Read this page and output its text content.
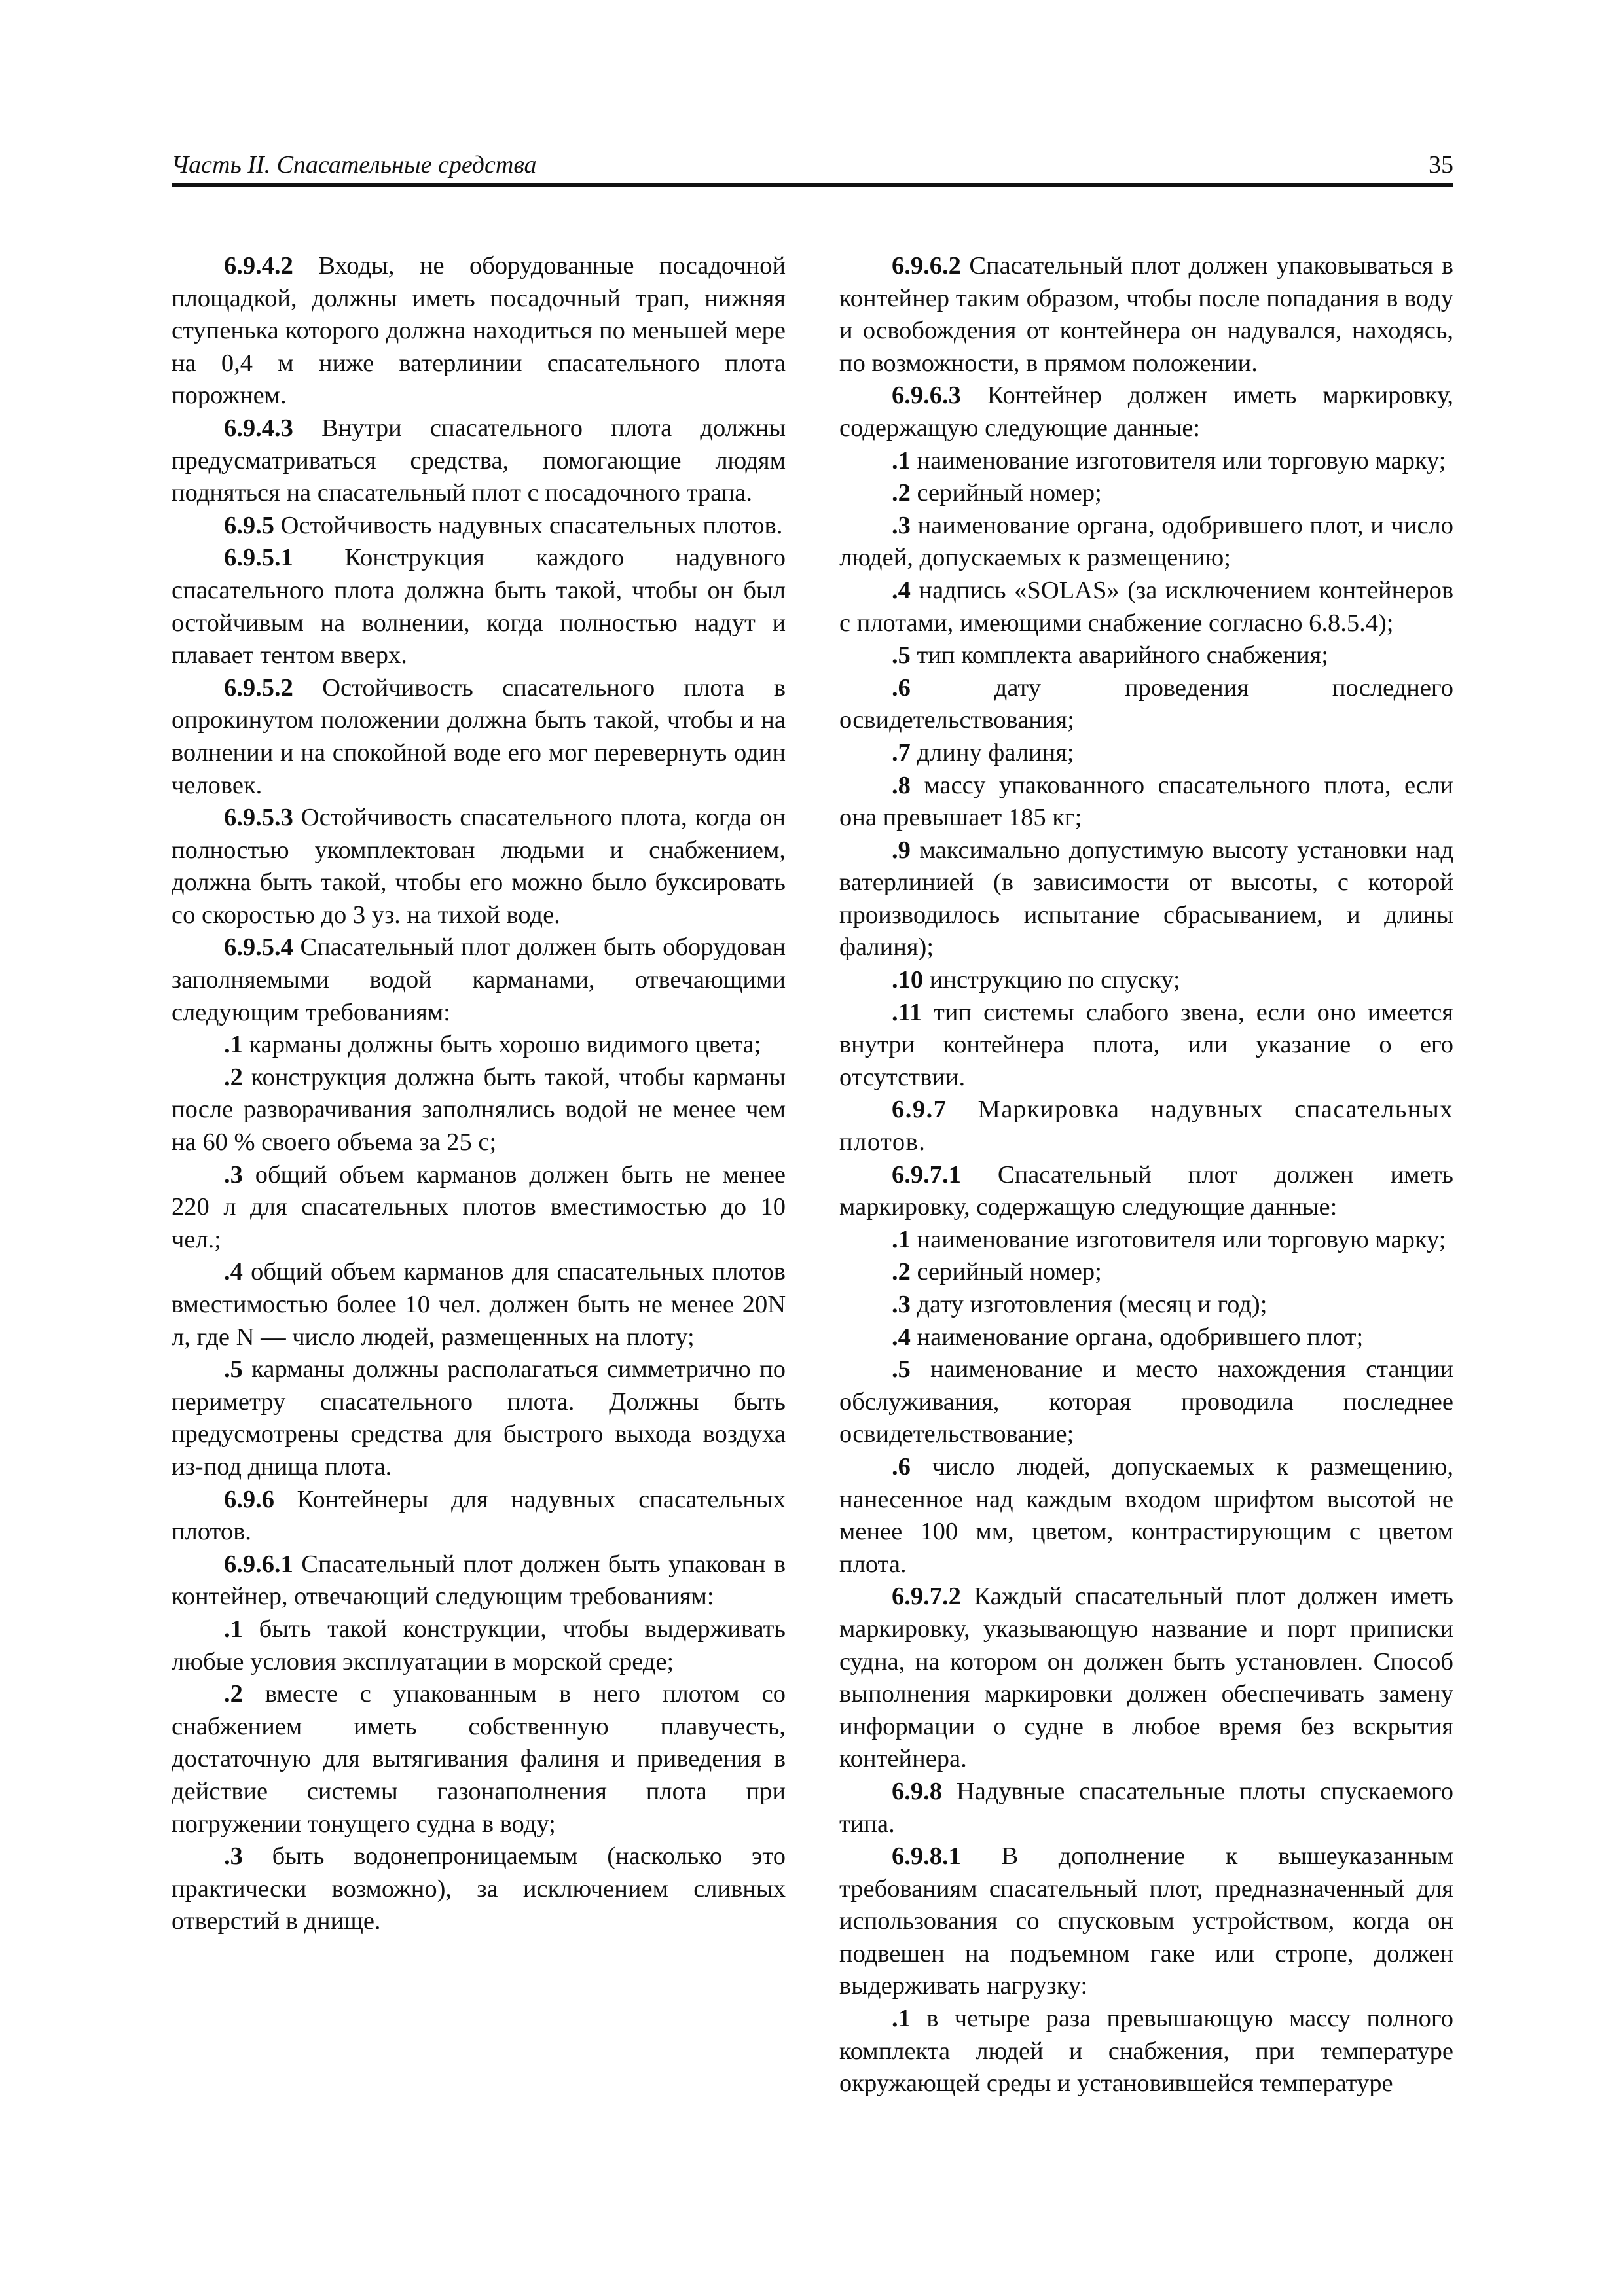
Часть II. Спасательные средства	35

6.9.4.2 Входы, не оборудованные посадочной площадкой, должны иметь посадочный трап, нижняя ступенька которого должна находиться по меньшей мере на 0,4 м ниже ватерлинии спасательного плота порожнем.

6.9.4.3 Внутри спасательного плота должны предусматриваться средства, помогающие людям подняться на спасательный плот с посадочного трапа.

6.9.5 Остойчивость надувных спасательных плотов.

6.9.5.1 Конструкция каждого надувного спасательного плота должна быть такой, чтобы он был остойчивым на волнении, когда полностью надут и плавает тентом вверх.

6.9.5.2 Остойчивость спасательного плота в опрокинутом положении должна быть такой, чтобы и на волнении и на спокойной воде его мог перевернуть один человек.

6.9.5.3 Остойчивость спасательного плота, когда он полностью укомплектован людьми и снабжением, должна быть такой, чтобы его можно было буксировать со скоростью до 3 уз. на тихой воде.

6.9.5.4 Спасательный плот должен быть оборудован заполняемыми водой карманами, отвечающими следующим требованиям:

.1 карманы должны быть хорошо видимого цвета;

.2 конструкция должна быть такой, чтобы карманы после разворачивания заполнялись водой не менее чем на 60 % своего объема за 25 с;

.3 общий объем карманов должен быть не менее 220 л для спасательных плотов вместимостью до 10 чел.;

.4 общий объем карманов для спасательных плотов вместимостью более 10 чел. должен быть не менее 20N л, где N — число людей, размещенных на плоту;

.5 карманы должны располагаться симметрично по периметру спасательного плота. Должны быть предусмотрены средства для быстрого выхода воздуха из-под днища плота.

6.9.6 Контейнеры для надувных спасательных плотов.

6.9.6.1 Спасательный плот должен быть упакован в контейнер, отвечающий следующим требованиям:

.1 быть такой конструкции, чтобы выдерживать любые условия эксплуатации в морской среде;

.2 вместе с упакованным в него плотом со снабжением иметь собственную плавучесть, достаточную для вытягивания фалиня и приведения в действие системы газонаполнения плота при погружении тонущего судна в воду;

.3 быть водонепроницаемым (насколько это практически возможно), за исключением сливных отверстий в днище.

6.9.6.2 Спасательный плот должен упаковываться в контейнер таким образом, чтобы после попадания в воду и освобождения от контейнера он надувался, находясь, по возможности, в прямом положении.

6.9.6.3 Контейнер должен иметь маркировку, содержащую следующие данные:

.1 наименование изготовителя или торговую марку;

.2 серийный номер;

.3 наименование органа, одобрившего плот, и число людей, допускаемых к размещению;

.4 надпись «SOLAS» (за исключением контейнеров с плотами, имеющими снабжение согласно 6.8.5.4);

.5 тип комплекта аварийного снабжения;

.6 дату проведения последнего освидетельствования;

.7 длину фалиня;

.8 массу упакованного спасательного плота, если она превышает 185 кг;

.9 максимально допустимую высоту установки над ватерлинией (в зависимости от высоты, с которой производилось испытание сбрасыванием, и длины фалиня);

.10 инструкцию по спуску;

.11 тип системы слабого звена, если оно имеется внутри контейнера плота, или указание о его отсутствии.

6.9.7 Маркировка надувных спасательных плотов.

6.9.7.1 Спасательный плот должен иметь маркировку, содержащую следующие данные:

.1 наименование изготовителя или торговую марку;

.2 серийный номер;

.3 дату изготовления (месяц и год);

.4 наименование органа, одобрившего плот;

.5 наименование и место нахождения станции обслуживания, которая проводила последнее освидетельствование;

.6 число людей, допускаемых к размещению, нанесенное над каждым входом шрифтом высотой не менее 100 мм, цветом, контрастирующим с цветом плота.

6.9.7.2 Каждый спасательный плот должен иметь маркировку, указывающую название и порт приписки судна, на котором он должен быть установлен. Способ выполнения маркировки должен обеспечивать замену информации о судне в любое время без вскрытия контейнера.

6.9.8 Надувные спасательные плоты спускаемого типа.

6.9.8.1 В дополнение к вышеуказанным требованиям спасательный плот, предназначенный для использования со спусковым устройством, когда он подвешен на подъемном гаке или стропе, должен выдерживать нагрузку:

.1 в четыре раза превышающую массу полного комплекта людей и снабжения, при температуре окружающей среды и установившейся температуре
